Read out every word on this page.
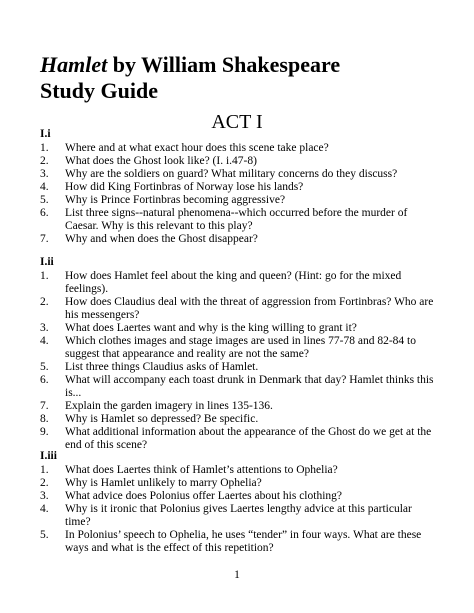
Hamlet by William Shakespeare
Study Guide
ACT I
I.i
1. Where and at what exact hour does this scene take place?
2. What does the Ghost look like? (I. i.47-8)
3. Why are the soldiers on guard? What military concerns do they discuss?
4. How did King Fortinbras of Norway lose his lands?
5. Why is Prince Fortinbras becoming aggressive?
6. List three signs--natural phenomena--which occurred before the murder of Caesar. Why is this relevant to this play?
7. Why and when does the Ghost disappear?
I.ii
1. How does Hamlet feel about the king and queen? (Hint: go for the mixed feelings).
2. How does Claudius deal with the threat of aggression from Fortinbras? Who are his messengers?
3. What does Laertes want and why is the king willing to grant it?
4. Which clothes images and stage images are used in lines 77-78 and 82-84 to suggest that appearance and reality are not the same?
5. List three things Claudius asks of Hamlet.
6. What will accompany each toast drunk in Denmark that day? Hamlet thinks this is...
7. Explain the garden imagery in lines 135-136.
8. Why is Hamlet so depressed? Be specific.
9. What additional information about the appearance of the Ghost do we get at the end of this scene?
I.iii
1. What does Laertes think of Hamlet’s attentions to Ophelia?
2. Why is Hamlet unlikely to marry Ophelia?
3. What advice does Polonius offer Laertes about his clothing?
4. Why is it ironic that Polonius gives Laertes lengthy advice at this particular time?
5. In Polonius’ speech to Ophelia, he uses “tender” in four ways. What are these ways and what is the effect of this repetition?
1
